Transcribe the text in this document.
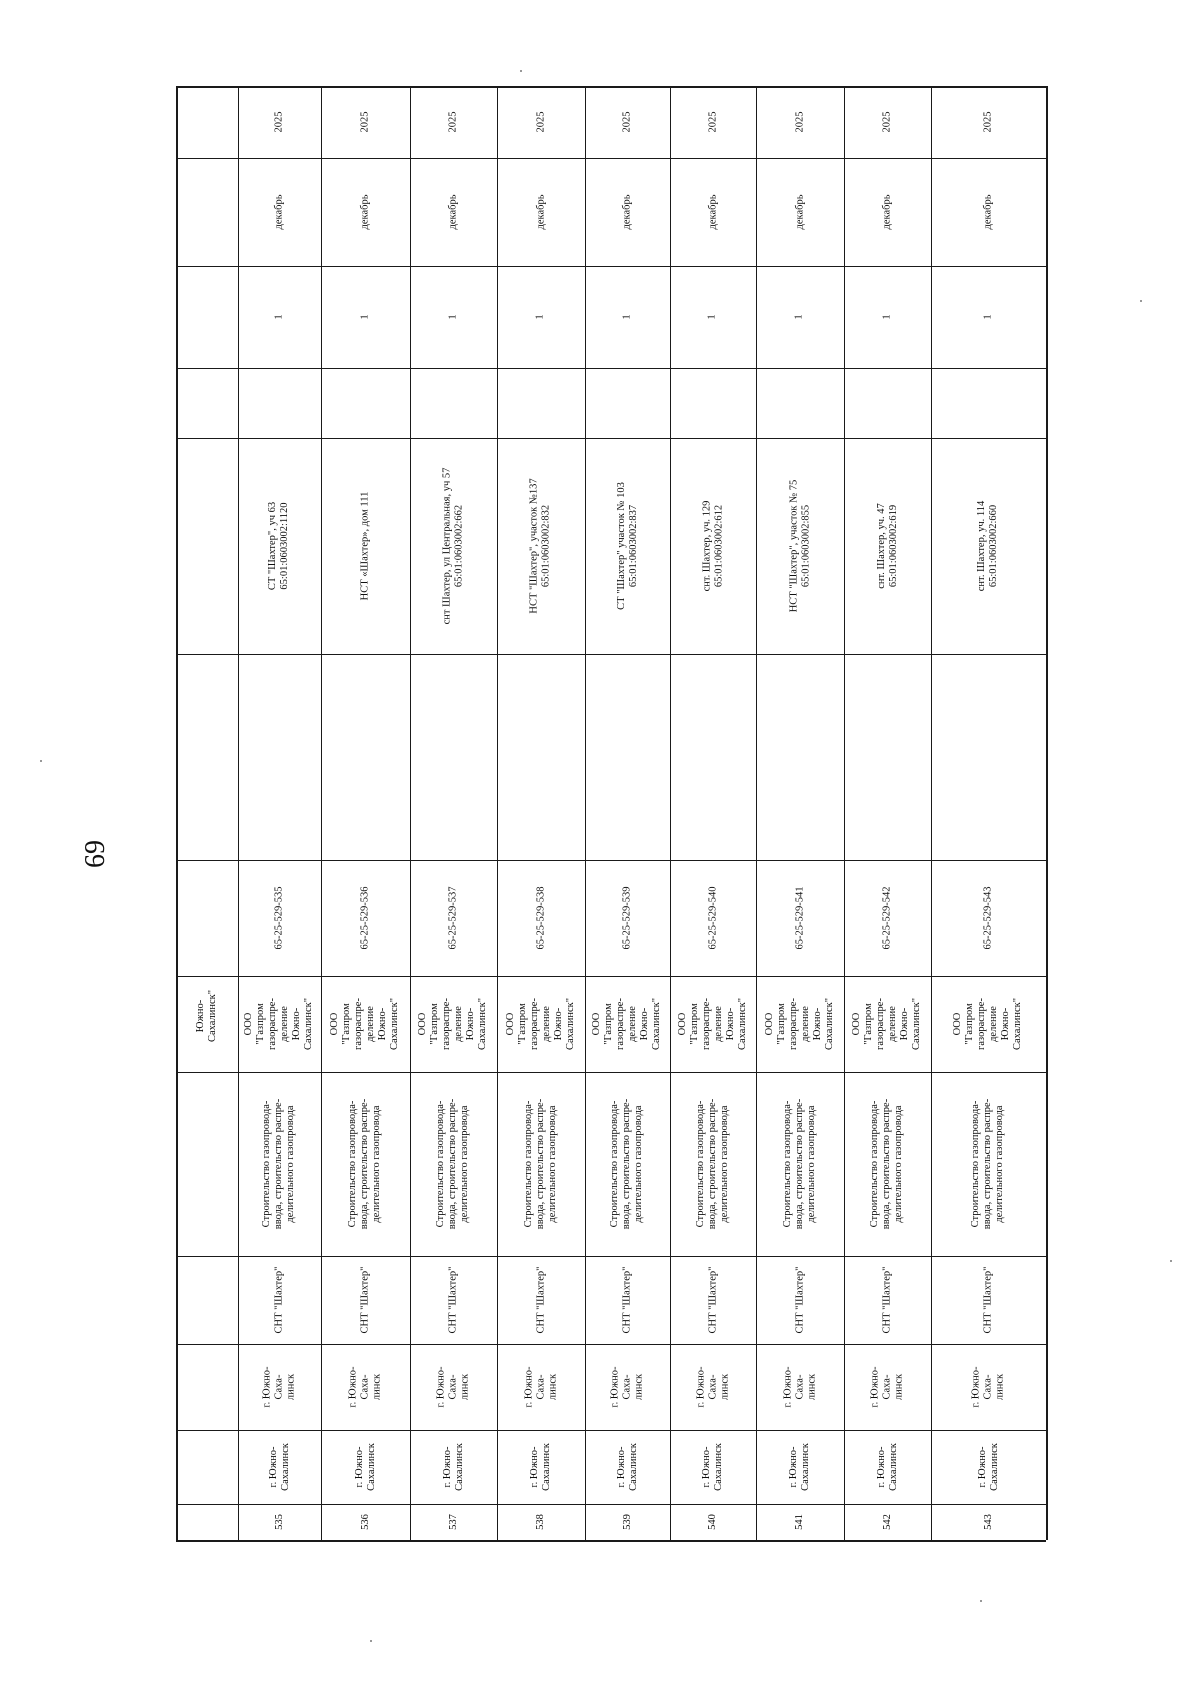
69
Южно- Сахалинск"
2025
декабрь
1
СТ "Шахтер", уч 63 65:01:0603002:1120
65-25-529-535
ООО "Газпром газораспре- деление Южно- Сахалинск"
Строительство газопровода- ввода, строительство распре- делительного газопровода
СНТ "Шахтер"
г. Южно- Саха- линск
г. Южно- Сахалинск
535
2025
декабрь
1
НСТ «Шахтер», дом 111
65-25-529-536
ООО "Газпром газораспре- деление Южно- Сахалинск"
Строительство газопровода- ввода, строительство распре- делительного газопровода
СНТ "Шахтер"
г. Южно- Саха- линск
г. Южно- Сахалинск
536
2025
декабрь
1
снт Шахтер, ул Центральная, уч 57 65:01:0603002:662
65-25-529-537
ООО "Газпром газораспре- деление Южно- Сахалинск"
Строительство газопровода- ввода, строительство распре- делительного газопровода
СНТ "Шахтер"
г. Южно- Саха- линск
г. Южно- Сахалинск
537
2025
декабрь
1
НСТ "Шахтер", участок №137 65:01:0603002:832
65-25-529-538
ООО "Газпром газораспре- деление Южно- Сахалинск"
Строительство газопровода- ввода, строительство распре- делительного газопровода
СНТ "Шахтер"
г. Южно- Саха- линск
г. Южно- Сахалинск
538
2025
декабрь
1
СТ "Шахтер" участок № 103 65:01:0603002:837
65-25-529-539
ООО "Газпром газораспре- деление Южно- Сахалинск"
Строительство газопровода- ввода, строительство распре- делительного газопровода
СНТ "Шахтер"
г. Южно- Саха- линск
г. Южно- Сахалинск
539
2025
декабрь
1
снт. Шахтер, уч. 129 65:01:0603002:612
65-25-529-540
ООО "Газпром газораспре- деление Южно- Сахалинск"
Строительство газопровода- ввода, строительство распре- делительного газопровода
СНТ "Шахтер"
г. Южно- Саха- линск
г. Южно- Сахалинск
540
2025
декабрь
1
НСТ "Шахтер", участок № 75 65:01:0603002:855
65-25-529-541
ООО "Газпром газораспре- деление Южно- Сахалинск"
Строительство газопровода- ввода, строительство распре- делительного газопровода
СНТ "Шахтер"
г. Южно- Саха- линск
г. Южно- Сахалинск
541
2025
декабрь
1
снт. Шахтер, уч. 47 65:01:0603002:619
65-25-529-542
ООО "Газпром газораспре- деление Южно- Сахалинск"
Строительство газопровода- ввода, строительство распре- делительного газопровода
СНТ "Шахтер"
г. Южно- Саха- линск
г. Южно- Сахалинск
542
2025
декабрь
1
снт. Шахтер, уч. 114 65:01:0603002:660
65-25-529-543
ООО "Газпром газораспре- деление Южно- Сахалинск"
Строительство газопровода- ввода, строительство распре- делительного газопровода
СНТ "Шахтер"
г. Южно- Саха- линск
г. Южно- Сахалинск
543
